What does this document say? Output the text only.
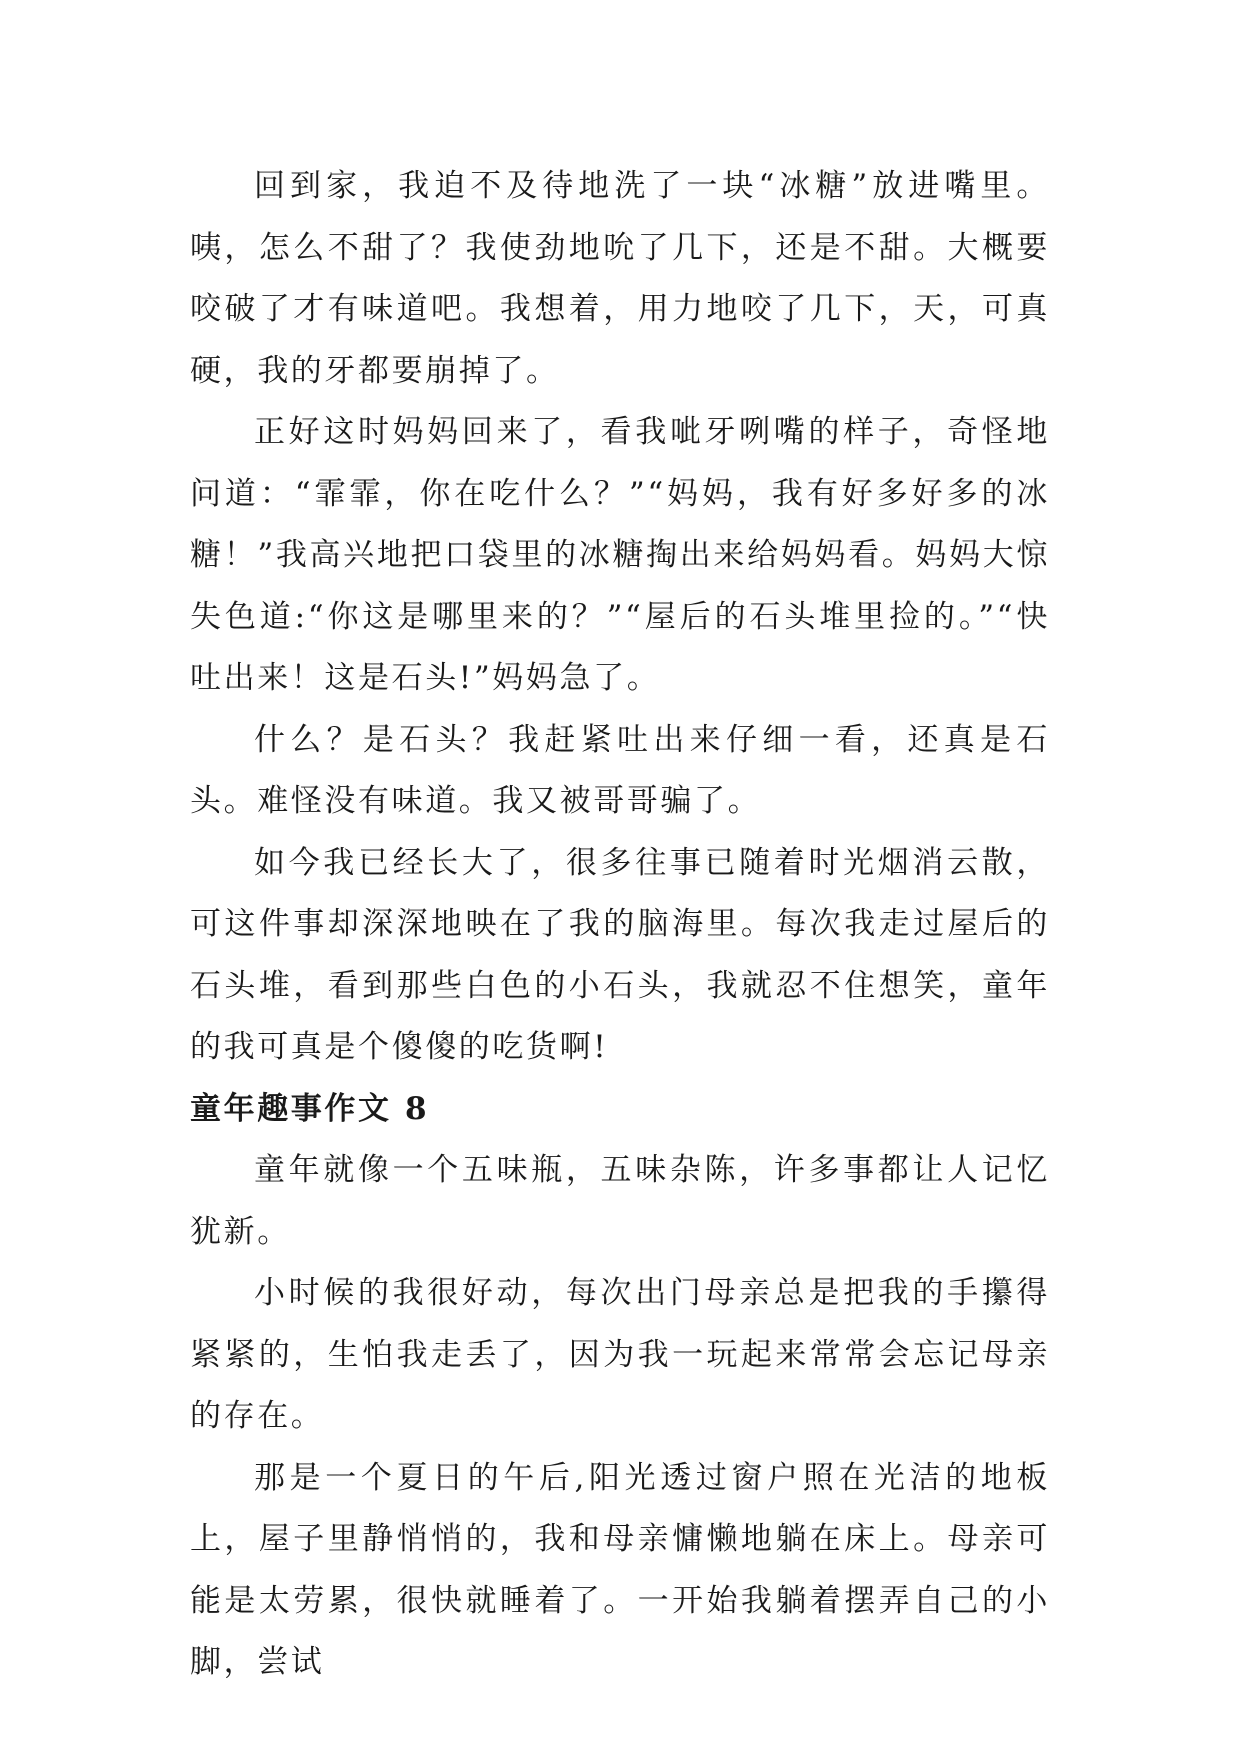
回到家，我迫不及待地洗了一块“冰糖”放进嘴里。咦，怎么不甜了？我使劲地吮了几下，还是不甜。大概要咬破了才有味道吧。我想着，用力地咬了几下，天，可真硬，我的牙都要崩掉了。

正好这时妈妈回来了，看我呲牙咧嘴的样子，奇怪地问道：“霏霏，你在吃什么？”“妈妈，我有好多好多的冰糖！”我高兴地把口袋里的冰糖掏出来给妈妈看。妈妈大惊失色道:“你这是哪里来的？”“屋后的石头堆里捡的。”“快吐出来！这是石头!”妈妈急了。

什么？是石头？我赶紧吐出来仔细一看，还真是石头。难怪没有味道。我又被哥哥骗了。

如今我已经长大了，很多往事已随着时光烟消云散，可这件事却深深地映在了我的脑海里。每次我走过屋后的石头堆，看到那些白色的小石头，我就忍不住想笑，童年的我可真是个傻傻的吃货啊!

童年趣事作文 8

童年就像一个五味瓶，五味杂陈，许多事都让人记忆犹新。

小时候的我很好动，每次出门母亲总是把我的手攥得紧紧的，生怕我走丢了，因为我一玩起来常常会忘记母亲的存在。

那是一个夏日的午后,阳光透过窗户照在光洁的地板上，屋子里静悄悄的，我和母亲慵懒地躺在床上。母亲可能是太劳累，很快就睡着了。一开始我躺着摆弄自己的小脚，尝试
